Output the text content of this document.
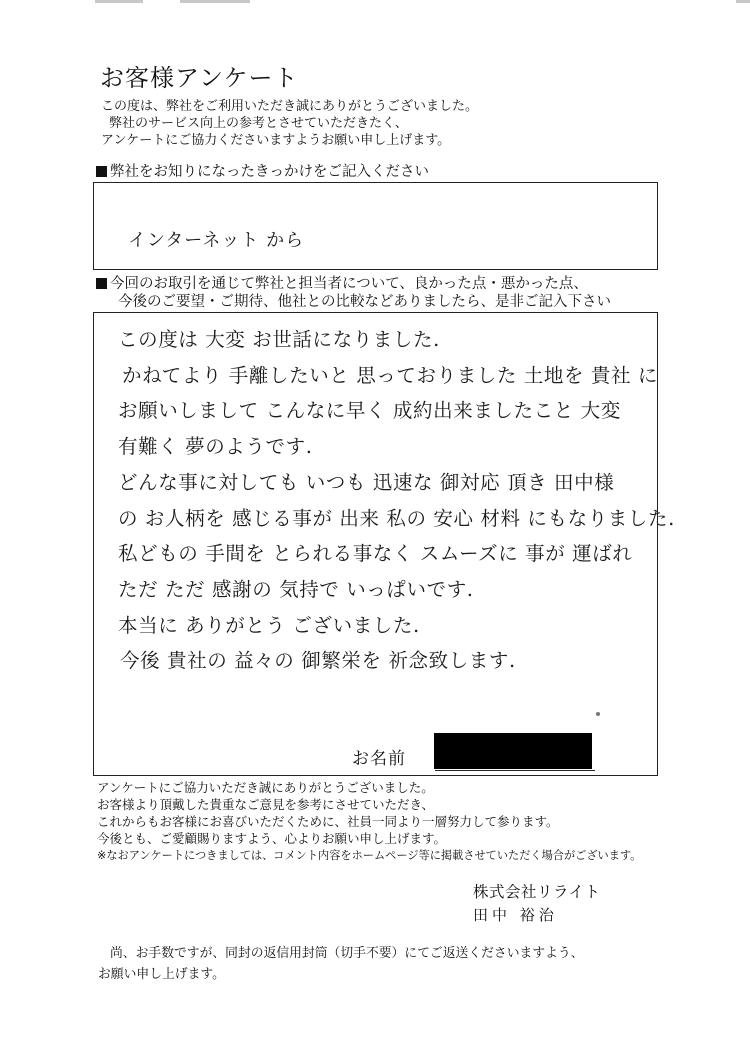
お客様アンケート
この度は、弊社をご利用いただき誠にありがとうございました。
弊社のサービス向上の参考とさせていただきたく、
アンケートにご協力くださいますようお願い申し上げます。
弊社をお知りになったきっかけをご記入ください
インターネット から
今回のお取引を通じて弊社と担当者について、良かった点・悪かった点、
今後のご要望・ご期待、他社との比較などありましたら、是非ご記入下さい
この度は 大変 お世話になりました.
かねてより 手離したいと 思っておりました 土地を 貴社 に
お願いしまして こんなに早く 成約出来ましたこと 大変
有難く 夢のようです.
どんな事に対しても いつも 迅速な 御対応 頂き 田中様
の お人柄を 感じる事が 出来 私の 安心 材料 にもなりました.
私どもの 手間を とられる事なく スムーズに 事が 運ばれ
ただ ただ 感謝の 気持で いっぱいです.
本当に ありがとう ございました.
今後 貴社の 益々の 御繁栄を 祈念致します.
お名前
アンケートにご協力いただき誠にありがとうございました。
お客様より頂戴した貴重なご意見を参考にさせていただき、
これからもお客様にお喜びいただくために、社員一同より一層努力して参ります。
今後とも、ご愛顧賜りますよう、心よりお願い申し上げます。
※なおアンケートにつきましては、コメント内容をホームページ等に掲載させていただく場合がございます。
株式会社リライト
田中 裕治
尚、お手数ですが、同封の返信用封筒（切手不要）にてご返送くださいますよう、
お願い申し上げます。
